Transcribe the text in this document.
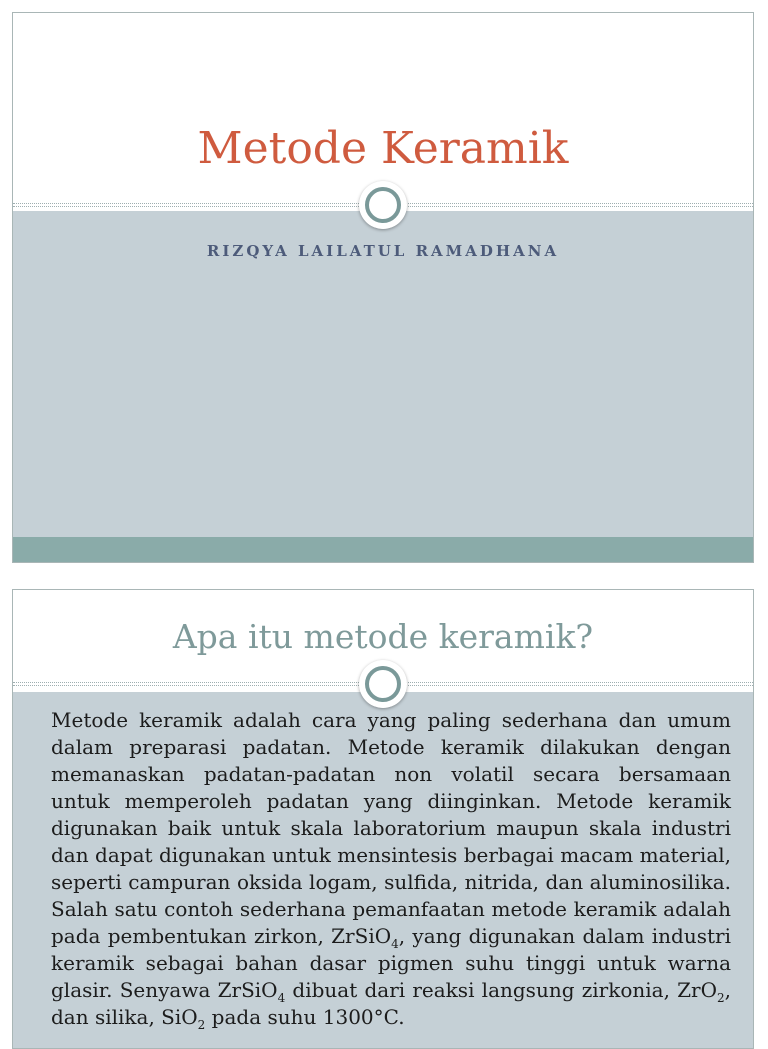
Metode Keramik
RIZQYA LAILATUL RAMADHANA
Apa itu metode keramik?
Metode keramik adalah cara yang paling sederhana dan umum dalam preparasi padatan. Metode keramik dilakukan dengan memanaskan padatan-padatan non volatil secara bersamaan untuk memperoleh padatan yang diinginkan. Metode keramik digunakan baik untuk skala laboratorium maupun skala industri dan dapat digunakan untuk mensintesis berbagai macam material, seperti campuran oksida logam, sulfida, nitrida, dan aluminosilika. Salah satu contoh sederhana pemanfaatan metode keramik adalah pada pembentukan zirkon, ZrSiO$_4$, yang digunakan dalam industri keramik sebagai bahan dasar pigmen suhu tinggi untuk warna glasir. Senyawa ZrSiO$_4$ dibuat dari reaksi langsung zirkonia, ZrO$_2$, dan silika, SiO$_2$ pada suhu 1300°C.
